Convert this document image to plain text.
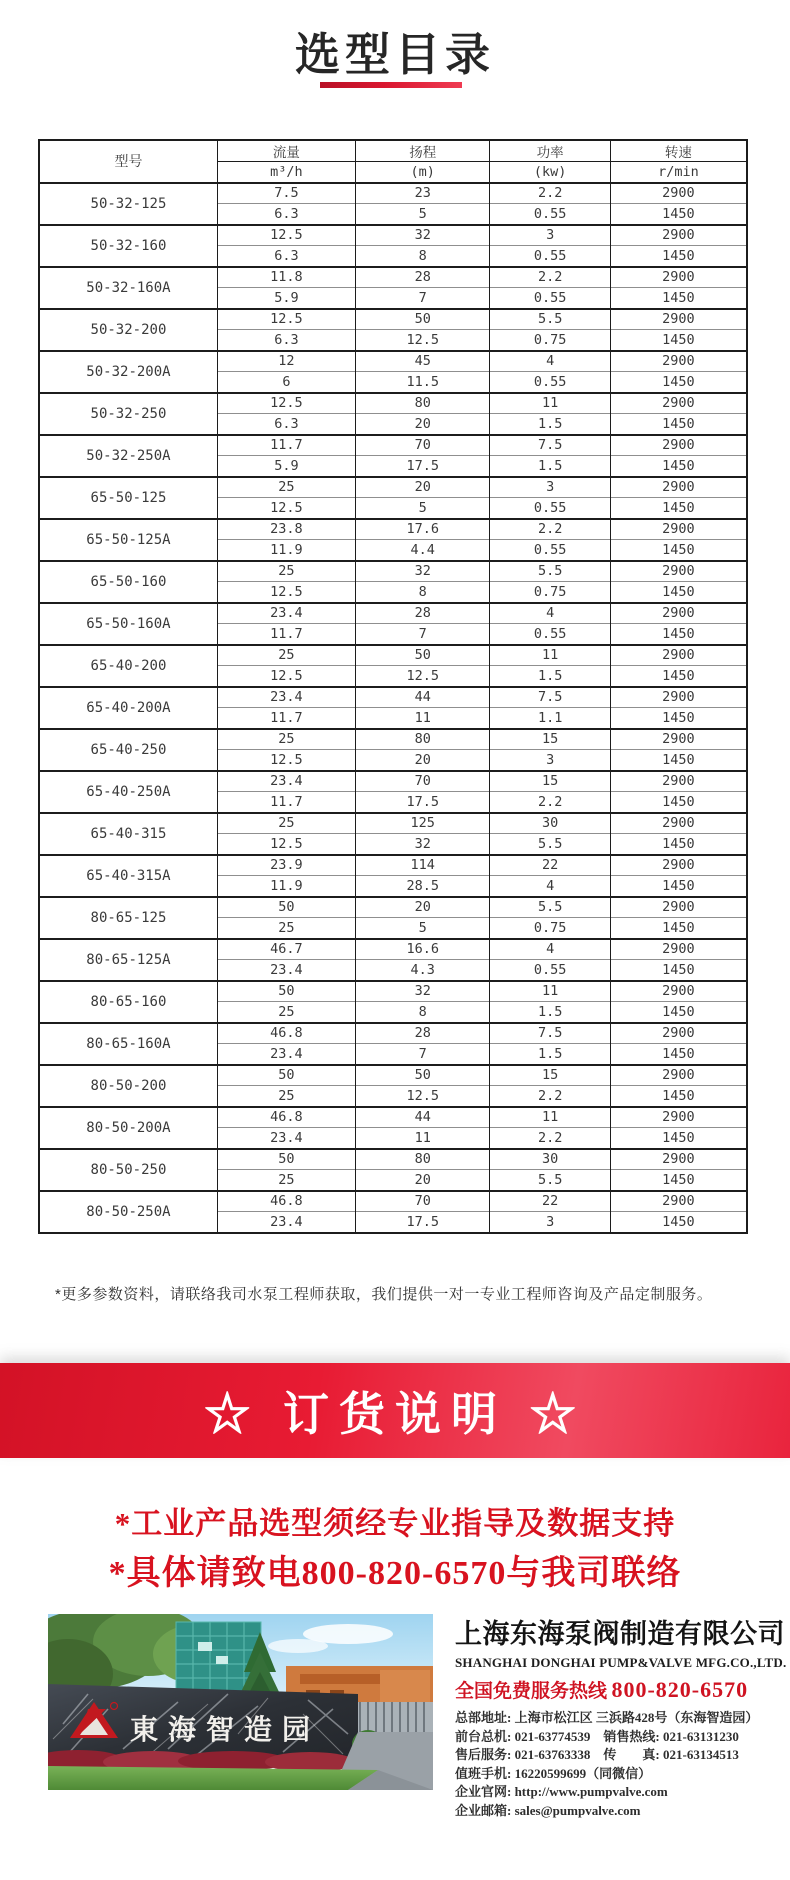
选型目录
型号	流量	扬程	功率	转速
	m³/h	(m)	(kw)	r/min
50-32-125	7.5	23	2.2	2900
	6.3	5	0.55	1450
50-32-160	12.5	32	3	2900
	6.3	8	0.55	1450
50-32-160A	11.8	28	2.2	2900
	5.9	7	0.55	1450
50-32-200	12.5	50	5.5	2900
	6.3	12.5	0.75	1450
50-32-200A	12	45	4	2900
	6	11.5	0.55	1450
50-32-250	12.5	80	11	2900
	6.3	20	1.5	1450
50-32-250A	11.7	70	7.5	2900
	5.9	17.5	1.5	1450
65-50-125	25	20	3	2900
	12.5	5	0.55	1450
65-50-125A	23.8	17.6	2.2	2900
	11.9	4.4	0.55	1450
65-50-160	25	32	5.5	2900
	12.5	8	0.75	1450
65-50-160A	23.4	28	4	2900
	11.7	7	0.55	1450
65-40-200	25	50	11	2900
	12.5	12.5	1.5	1450
65-40-200A	23.4	44	7.5	2900
	11.7	11	1.1	1450
65-40-250	25	80	15	2900
	12.5	20	3	1450
65-40-250A	23.4	70	15	2900
	11.7	17.5	2.2	1450
65-40-315	25	125	30	2900
	12.5	32	5.5	1450
65-40-315A	23.9	114	22	2900
	11.9	28.5	4	1450
80-65-125	50	20	5.5	2900
	25	5	0.75	1450
80-65-125A	46.7	16.6	4	2900
	23.4	4.3	0.55	1450
80-65-160	50	32	11	2900
	25	8	1.5	1450
80-65-160A	46.8	28	7.5	2900
	23.4	7	1.5	1450
80-50-200	50	50	15	2900
	25	12.5	2.2	1450
80-50-200A	46.8	44	11	2900
	23.4	11	2.2	1450
80-50-250	50	80	30	2900
	25	20	5.5	1450
80-50-250A	46.8	70	22	2900
	23.4	17.5	3	1450
*更多参数资料，请联络我司水泵工程师获取，我们提供一对一专业工程师咨询及产品定制服务。
☆ 订货说明 ☆
*工业产品选型须经专业指导及数据支持
*具体请致电800-820-6570与我司联络
東海智造园
上海东海泵阀制造有限公司
SHANGHAI DONGHAI PUMP&VALVE MFG.CO.,LTD.
全国免费服务热线 800-820-6570
总部地址: 上海市松江区 三浜路428号（东海智造园）
前台总机: 021-63774539　销售热线: 021-63131230
售后服务: 021-63763338　传　　真: 021-63134513
值班手机: 16220599699（同微信）
企业官网: http://www.pumpvalve.com
企业邮箱: sales@pumpvalve.com
